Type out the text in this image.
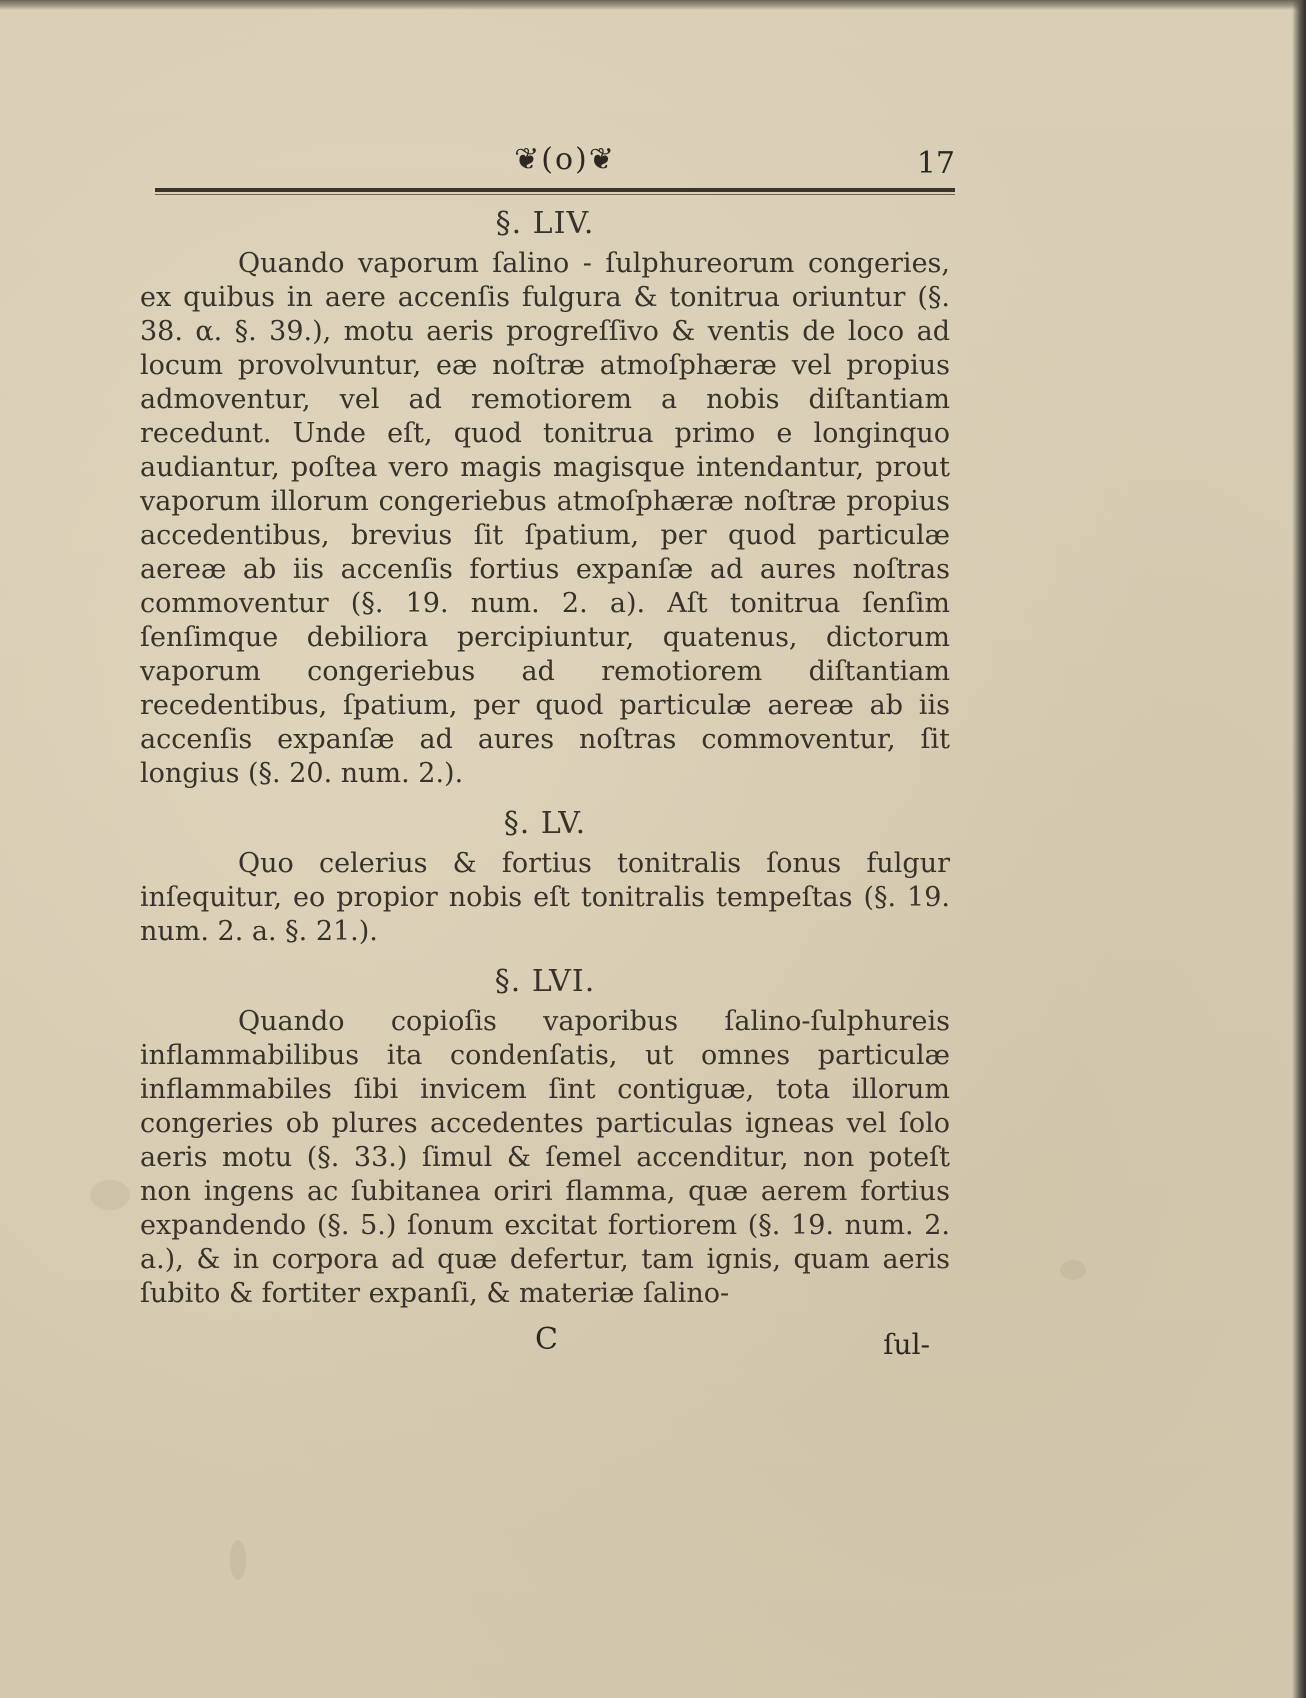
❦(o)❦	17
§. LIV.

Quando vaporum ſalino - ſulphureorum congeries, ex quibus in aere accenſis fulgura & tonitrua oriuntur (§. 38. α. §. 39.), motu aeris progreſſivo & ventis de loco ad locum provolvuntur, eæ noſtræ atmoſphæræ vel propius admoventur, vel ad remotiorem a nobis diſtantiam recedunt. Unde eſt, quod tonitrua primo e longinquo audiantur, poſtea vero magis magisque intendantur, prout vaporum illorum congeriebus atmoſphæræ noſtræ propius accedentibus, brevius ſit ſpatium, per quod particulæ aereæ ab iis accenſis fortius expanſæ ad aures noſtras commoventur (§. 19. num. 2. a). Aſt tonitrua ſenſim ſenſimque debiliora percipiuntur, quatenus, dictorum vaporum congeriebus ad remotiorem diſtantiam recedentibus, ſpatium, per quod particulæ aereæ ab iis accenſis expanſæ ad aures noſtras commoventur, ſit longius (§. 20. num. 2.).

§. LV.

Quo celerius & fortius tonitralis ſonus fulgur inſequitur, eo propior nobis eſt tonitralis tempeſtas (§. 19. num. 2. a. §. 21.).

§. LVI.

Quando copioſis vaporibus ſalino-ſulphureis inflammabilibus ita condenſatis, ut omnes particulæ inflammabiles ſibi invicem ſint contiguæ, tota illorum congeries ob plures accedentes particulas igneas vel ſolo aeris motu (§. 33.) ſimul & ſemel accenditur, non poteſt non ingens ac ſubitanea oriri flamma, quæ aerem fortius expandendo (§. 5.) ſonum excitat fortiorem (§. 19. num. 2. a.), & in corpora ad quæ defertur, tam ignis, quam aeris ſubito & fortiter expanſi, & materiæ ſalino-

C	ſul-
